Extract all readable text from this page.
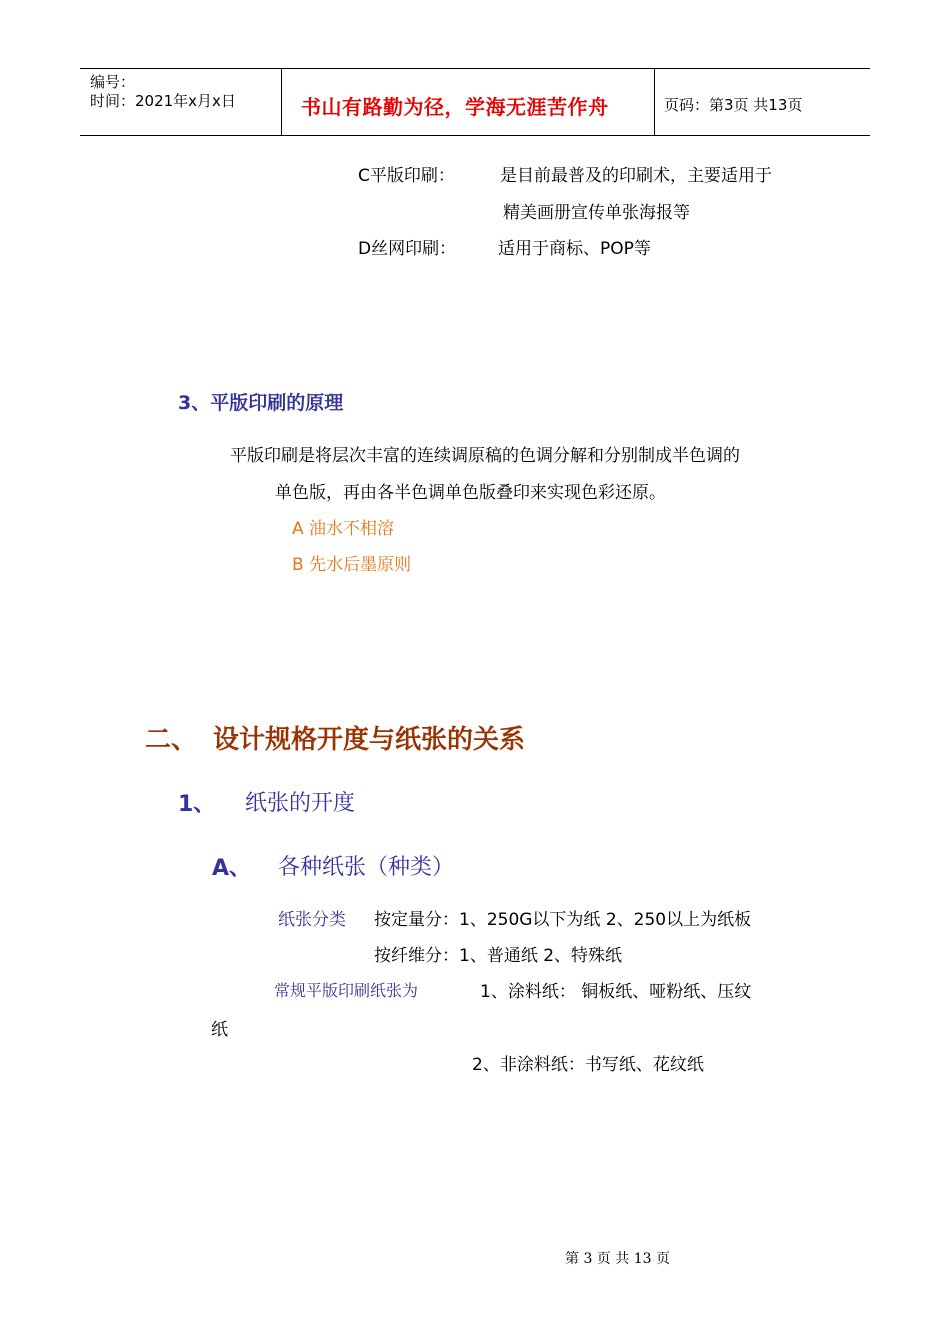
编号：
时间：2021年x月x日	书山有路勤为径，学海无涯苦作舟	页码：第3页 共13页
C平版印刷：	是目前最普及的印刷术，主要适用于
精美画册宣传单张海报等
D丝网印刷： 适用于商标、POP等
3、平版印刷的原理
平版印刷是将层次丰富的连续调原稿的色调分解和分别制成半色调的
单色版，再由各半色调单色版叠印来实现色彩还原。
A 油水不相溶
B 先水后墨原则
二、 设计规格开度与纸张的关系
1、 纸张的开度
A、 各种纸张（种类）
纸张分类 按定量分：1、250G以下为纸 2、250以上为纸板
按纤维分：1、普通纸 2、特殊纸
常规平版印刷纸张为	1、涂料纸： 铜板纸、哑粉纸、压纹
纸
2、非涂料纸：书写纸、花纹纸
第 3 页 共 13 页
